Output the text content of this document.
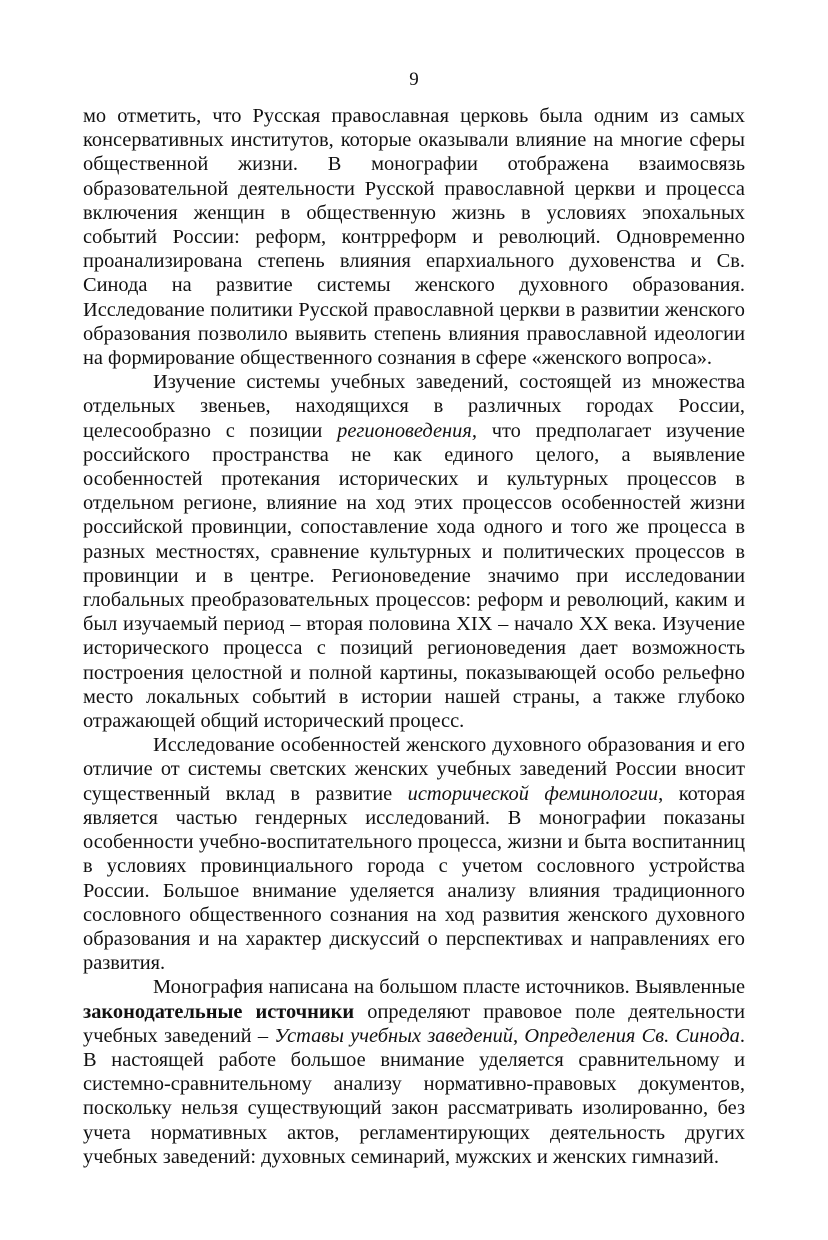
9

мо отметить, что Русская православная церковь была одним из самых консервативных институтов, которые оказывали влияние на многие сферы общественной жизни. В монографии отображена взаимосвязь образовательной деятельности Русской православной церкви и процесса включения женщин в общественную жизнь в условиях эпохальных событий России: реформ, контрреформ и революций. Одновременно проанализирована степень влияния епархиального духовенства и Св. Синода на развитие системы женского духовного образования. Исследование политики Русской православной церкви в развитии женского образования позволило выявить степень влияния православной идеологии на формирование общественного сознания в сфере «женского вопроса».

Изучение системы учебных заведений, состоящей из множества отдельных звеньев, находящихся в различных городах России, целесообразно с позиции регионоведения, что предполагает изучение российского пространства не как единого целого, а выявление особенностей протекания исторических и культурных процессов в отдельном регионе, влияние на ход этих процессов особенностей жизни российской провинции, сопоставление хода одного и того же процесса в разных местностях, сравнение культурных и политических процессов в провинции и в центре. Регионоведение значимо при исследовании глобальных преобразовательных процессов: реформ и революций, каким и был изучаемый период – вторая половина XIX – начало XX века. Изучение исторического процесса с позиций регионоведения дает возможность построения целостной и полной картины, показывающей особо рельефно место локальных событий в истории нашей страны, а также глубоко отражающей общий исторический процесс.

Исследование особенностей женского духовного образования и его отличие от системы светских женских учебных заведений России вносит существенный вклад в развитие исторической феминологии, которая является частью гендерных исследований. В монографии показаны особенности учебно-воспитательного процесса, жизни и быта воспитанниц в условиях провинциального города с учетом сословного устройства России. Большое внимание уделяется анализу влияния традиционного сословного общественного сознания на ход развития женского духовного образования и на характер дискуссий о перспективах и направлениях его развития.

Монография написана на большом пласте источников. Выявленные законодательные источники определяют правовое поле деятельности учебных заведений – Уставы учебных заведений, Определения Св. Синода. В настоящей работе большое внимание уделяется сравнительному и системно-сравнительному анализу нормативно-правовых документов, поскольку нельзя существующий закон рассматривать изолированно, без учета нормативных актов, регламентирующих деятельность других учебных заведений: духовных семинарий, мужских и женских гимназий.
